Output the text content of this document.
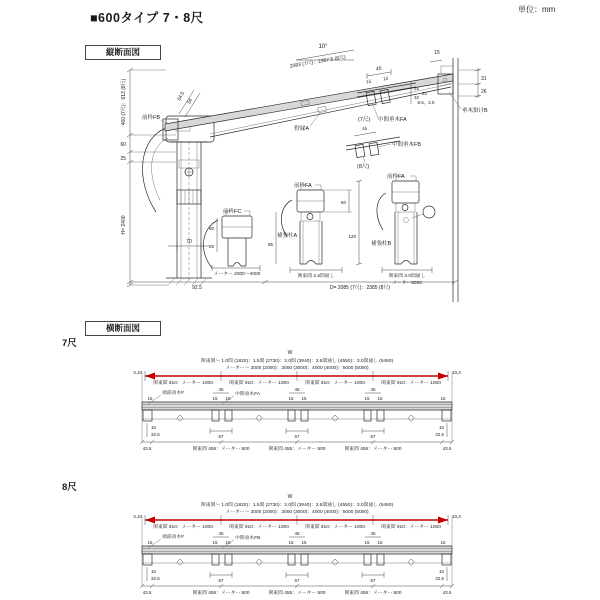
■600タイプ 7・8尺
単位：mm
縦断面図
横断面図
7尺
8尺
460 (7尺)：613 (8尺)
60
25
H= 2400
70
34.5 34
10°
2083 (7尺)：2367.5 (8尺)
15
31
26
8.5、2.5
垂木掛けB
前枠FB
野縁A
45
15
15
25
32
62
(7尺) 中間垂木FA
45
中間垂木FB
(8尺)
前枠FC
80
25
メーター 2000〜4000
前枠FA
補強柱A
85
60
関東間 2.5間通し
前枠FA
補強柱B
120
関東間 3.0間通し
メーター5000
92.5	D= 2085 (7尺)：2385 (8尺)
W
関東間〜 1.0間 (1820)：1.5間 (2730)：2.0間 (3640)：2.5間通し (4550)：3.0間通し (5460)
メーター〜 2000 (2000)：3000 (3000)：4000 (4000)：5000 (5000)
3,10	10,3
関東間 910：メーター 1000	関東間 910：メーター 1000	関東間 910：メーター 1000	関東間 910：メーター 1000
45	45	45
15 15	15 15	15 15
15	15
端部垂木F	中間垂木FA
10
32.5
10
32.5
67	67	67
43.5	関東間 455：メーター 500	関東間 455：メーター 500	関東間 455：メーター 500	43.5
W
関東間〜 1.0間 (1820)：1.5間 (2730)：2.0間 (3640)：2.5間通し (4550)：3.0間通し (5460)
メーター〜 2000 (2000)：3000 (3000)：4000 (4000)：5000 (5000)
3,10	10,3
関東間 910：メーター 1000	関東間 910：メーター 1000	関東間 910：メーター 1000	関東間 910：メーター 1000
45	45	45
15 15	15 15	15 15
15	15
端部垂木F	中間垂木FB
10
32.5
10
32.5
67	67	67
43.5	関東間 455：メーター 500	関東間 455：メーター 500	関東間 455：メーター 500	43.5
